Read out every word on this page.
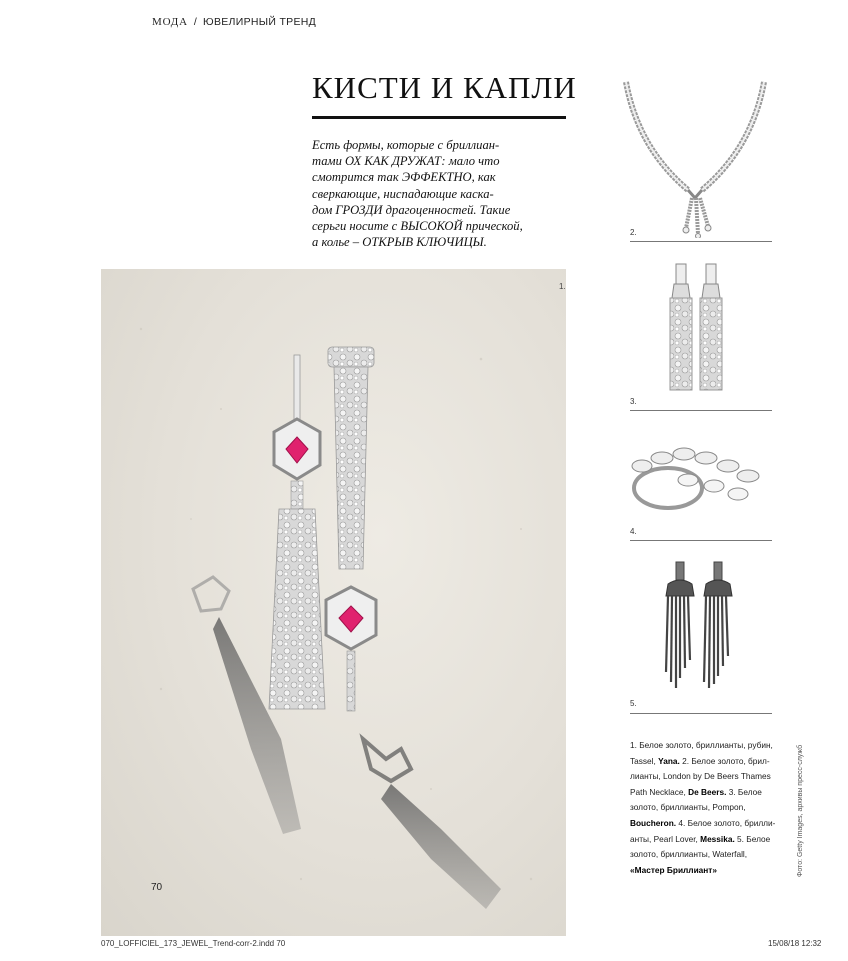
МОДА / ЮВЕЛИРНЫЙ ТРЕНД
КИСТИ И КАПЛИ
Есть формы, которые с бриллиан-
тами ОХ КАК ДРУЖАТ: мало что
смотрится так ЭФФЕКТНО, как
сверкающие, ниспадающие каска-
дом ГРОЗДИ драгоценностей. Такие
серьги носите с ВЫСОКОЙ прической,
а колье – ОТКРЫВ КЛЮЧИЦЫ.
1.
70
2.
3.
4.
5.
1. Белое золото, бриллианты, рубин,
Tassel, Yana. 2. Белое золото, брил-
лианты, London by De Beers Thames
Path Necklace, De Beers. 3. Белое
золото, бриллианты, Pompon,
Boucheron. 4. Белое золото, брилли-
анты, Pearl Lover, Messika. 5. Белое
золото, бриллианты, Waterfall,
«Мастер Бриллиант»	Фото: Getty Images, архивы пресс-служб
070_LOFFICIEL_173_JEWEL_Trend-corr-2.indd 70	15/08/18 12:32
